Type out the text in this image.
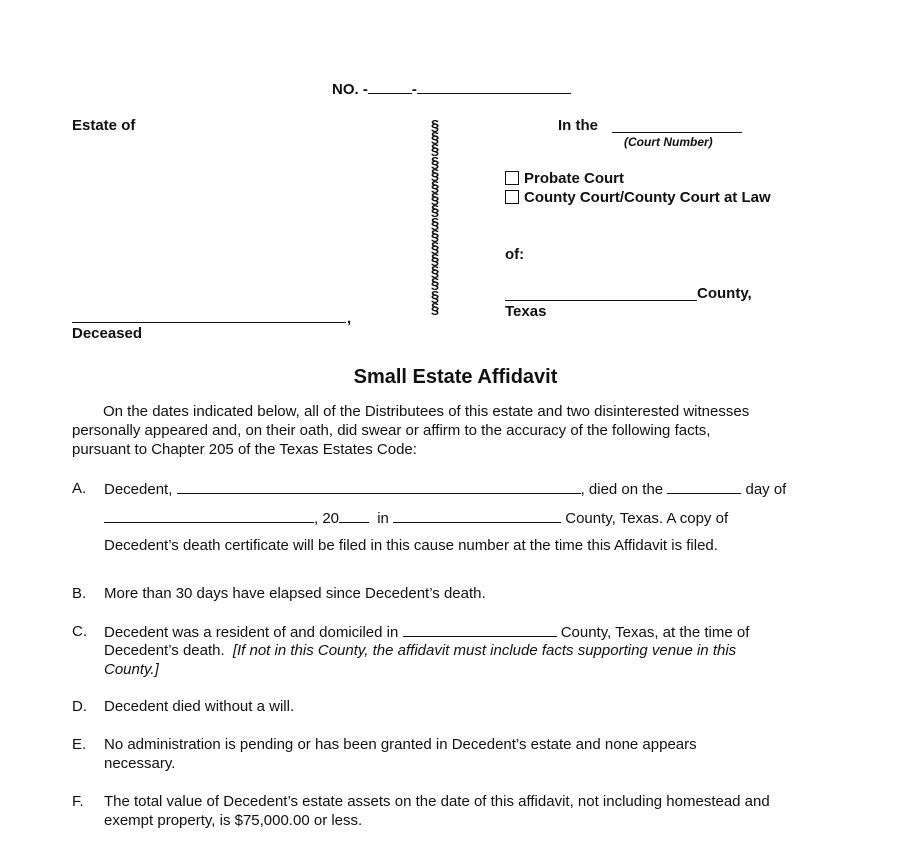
NO. -	-
Estate of
,
Deceased
§
§
§
§
§
§
§
§
§
§
§
§
§
§
§
§
In the
(Court Number)
Probate Court
County Court/County Court at Law
of:
County,
Texas
Small Estate Affidavit
On the dates indicated below, all of the Distributees of this estate and two disinterested witnesses
personally appeared and, on their oath, did swear or affirm to the accuracy of the following facts,
pursuant to Chapter 205 of the Texas Estates Code:
A. Decedent,	, died on the	day of
, 20	in	County, Texas. A copy of
Decedent’s death certificate will be filed in this cause number at the time this Affidavit is filed.
B. More than 30 days have elapsed since Decedent’s death.
C. Decedent was a resident of and domiciled in	County, Texas, at the time of
Decedent’s death. [If not in this County, the affidavit must include facts supporting venue in this
County.]
D. Decedent died without a will.
E. No administration is pending or has been granted in Decedent’s estate and none appears
necessary.
F. The total value of Decedent’s estate assets on the date of this affidavit, not including homestead and
exempt property, is $75,000.00 or less.
